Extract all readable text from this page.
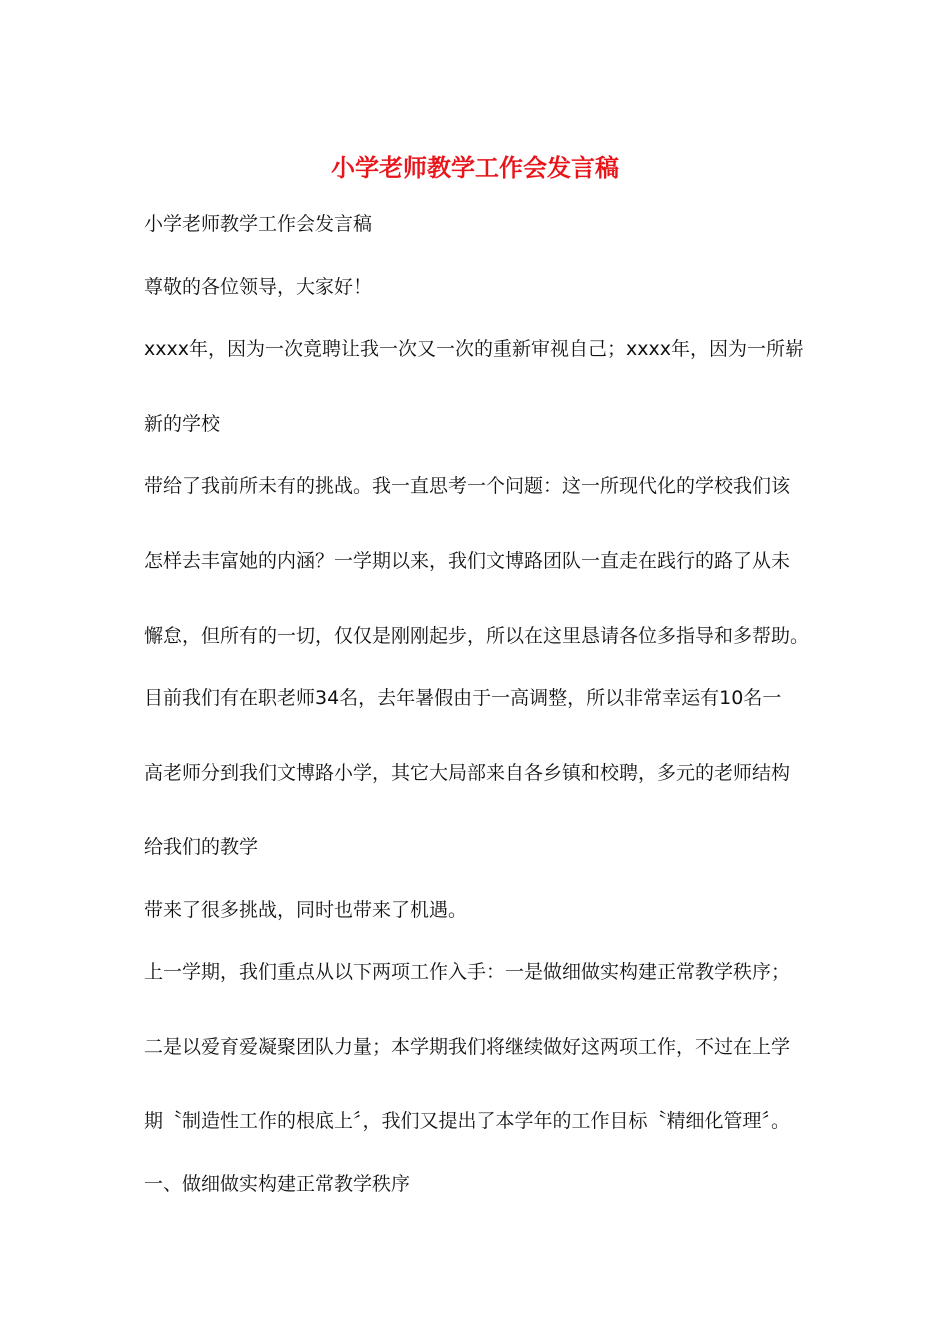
小学老师教学工作会发言稿
小学老师教学工作会发言稿
尊敬的各位领导，大家好！
xxxx年，因为一次竟聘让我一次又一次的重新审视自己；xxxx年，因为一所崭
新的学校
带给了我前所未有的挑战。我一直思考一个问题：这一所现代化的学校我们该
怎样去丰富她的内涵？一学期以来，我们文博路团队一直走在践行的路了从未
懈怠，但所有的一切，仅仅是刚刚起步，所以在这里恳请各位多指导和多帮助。
目前我们有在职老师34名，去年暑假由于一高调整，所以非常幸运有10名一
高老师分到我们文博路小学，其它大局部来自各乡镇和校聘，多元的老师结构
给我们的教学
带来了很多挑战，同时也带来了机遇。
上一学期，我们重点从以下两项工作入手：一是做细做实构建正常教学秩序；
二是以爱育爱凝聚团队力量；本学期我们将继续做好这两项工作，不过在上学
期〝制造性工作的根底上〞，我们又提出了本学年的工作目标〝精细化管理〞。
一、做细做实构建正常教学秩序
